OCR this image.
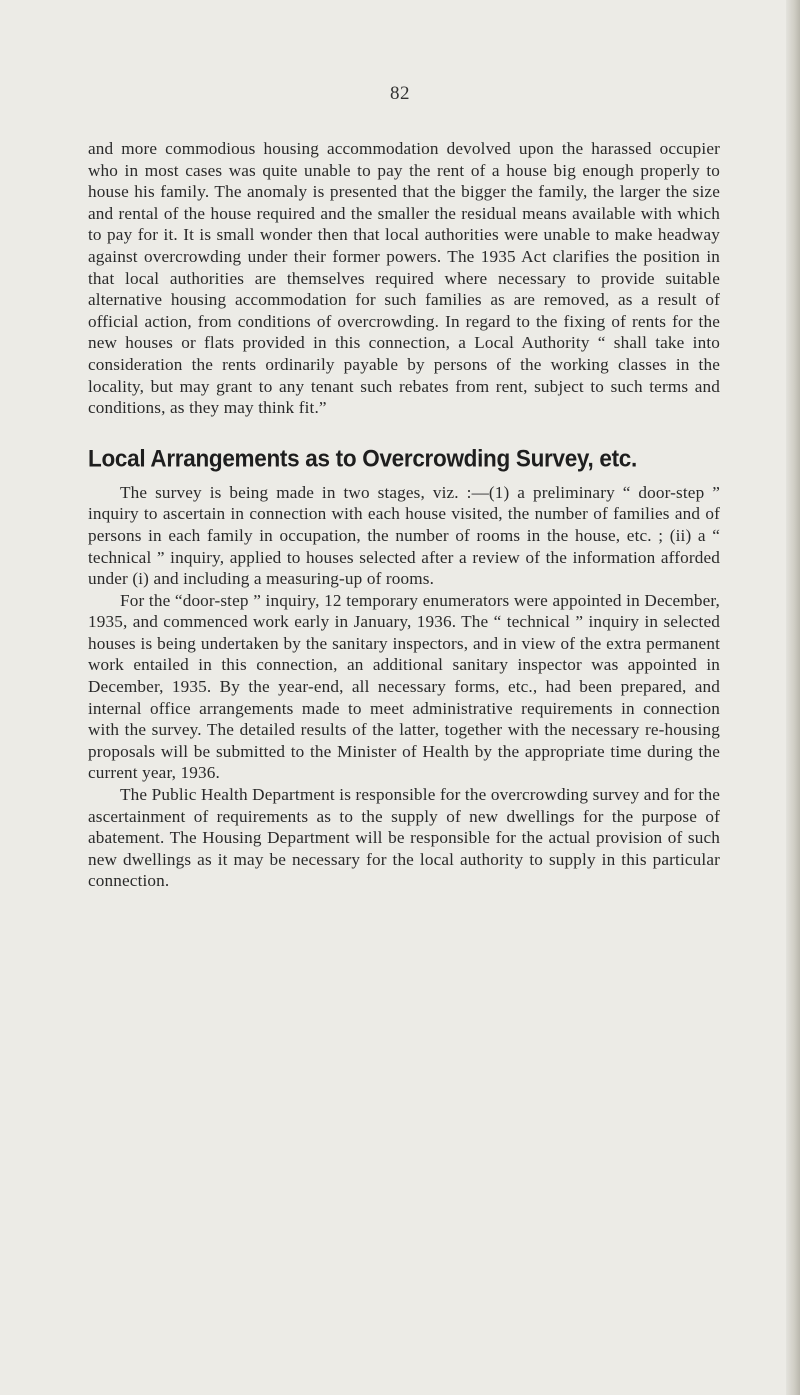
82

and more commodious housing accommodation devolved upon the harassed occupier who in most cases was quite unable to pay the rent of a house big enough properly to house his family. The anomaly is presented that the bigger the family, the larger the size and rental of the house required and the smaller the residual means available with which to pay for it. It is small wonder then that local authorities were unable to make headway against overcrowding under their former powers. The 1935 Act clarifies the position in that local authorities are themselves required where necessary to provide suitable alternative housing accommodation for such families as are removed, as a result of official action, from conditions of overcrowding. In regard to the fixing of rents for the new houses or flats provided in this connection, a Local Authority “ shall take into consideration the rents ordinarily payable by persons of the working classes in the locality, but may grant to any tenant such rebates from rent, subject to such terms and conditions, as they may think fit.”

Local Arrangements as to Overcrowding Survey, etc.

The survey is being made in two stages, viz. :—(1) a preliminary “ door-step ” inquiry to ascertain in connection with each house visited, the number of families and of persons in each family in occupation, the number of rooms in the house, etc. ; (ii) a “ technical ” inquiry, applied to houses selected after a review of the information afforded under (i) and including a measuring-up of rooms.

For the “door-step ” inquiry, 12 temporary enumerators were appointed in December, 1935, and commenced work early in January, 1936. The “ technical ” inquiry in selected houses is being undertaken by the sanitary inspectors, and in view of the extra permanent work entailed in this connection, an additional sanitary inspector was appointed in December, 1935. By the year-end, all necessary forms, etc., had been prepared, and internal office arrangements made to meet administrative requirements in connection with the survey. The detailed results of the latter, together with the necessary re-housing proposals will be submitted to the Minister of Health by the appropriate time during the current year, 1936.

The Public Health Department is responsible for the overcrowding survey and for the ascertainment of requirements as to the supply of new dwellings for the purpose of abatement. The Housing Department will be responsible for the actual provision of such new dwellings as it may be necessary for the local authority to supply in this particular connection.
